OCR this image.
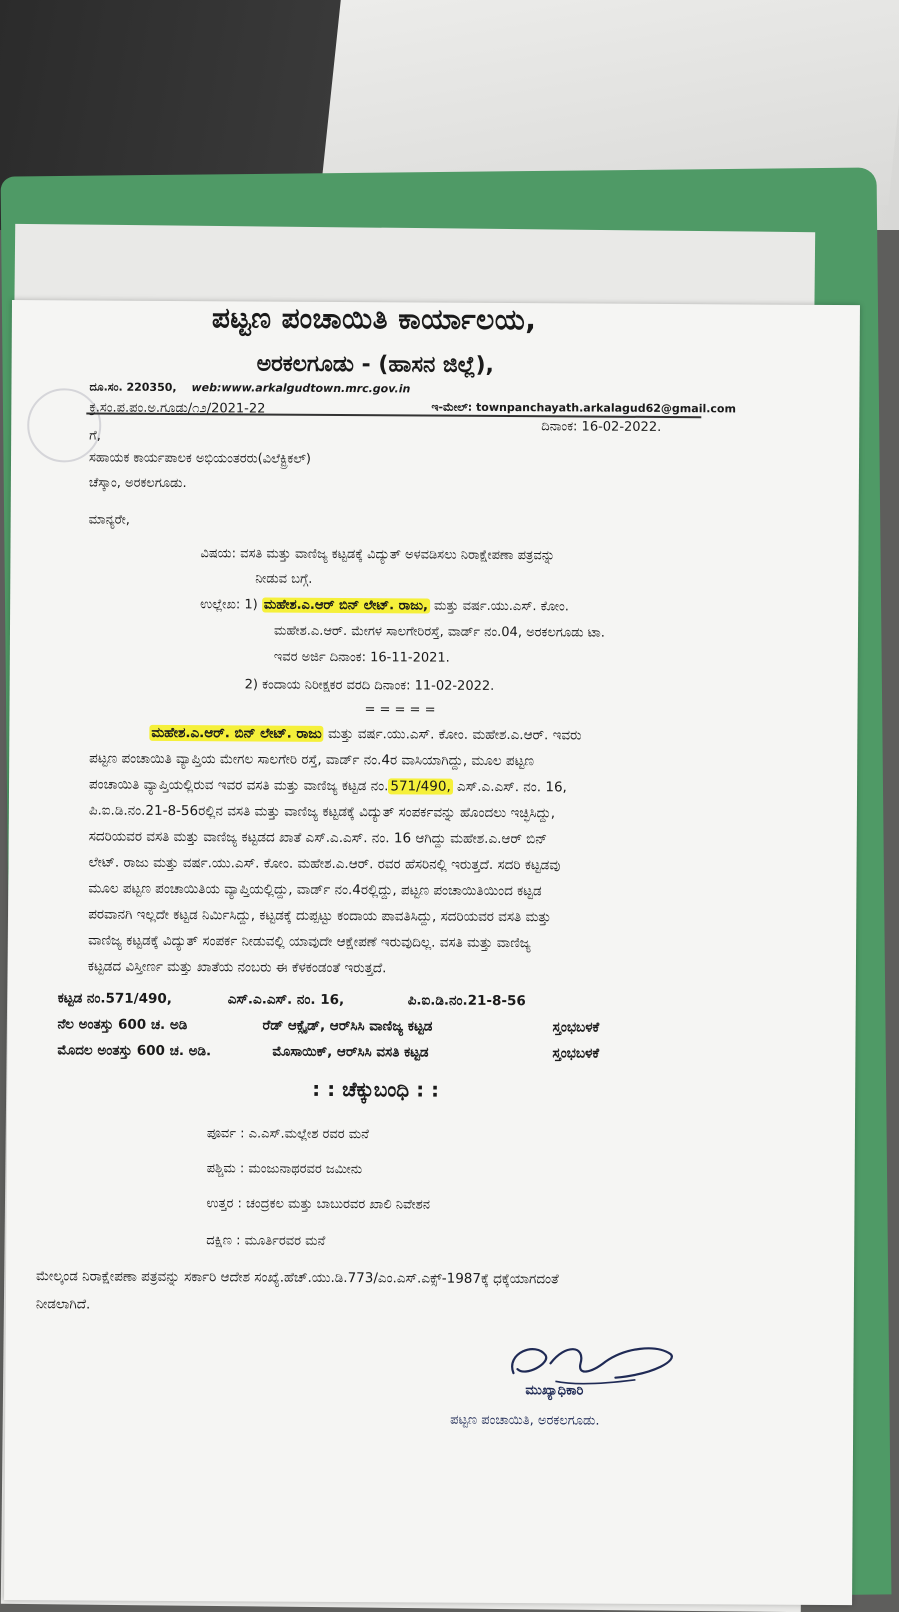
ಪಟ್ಟಣ ಪಂಚಾಯಿತಿ ಕಾರ್ಯಾಲಯ,
ಅರಕಲಗೂಡು - (ಹಾಸನ ಜಿಲ್ಲೆ),
ದೂ.ಸಂ. 220350, web:www.arkalgudtown.mrc.gov.in
ಇ-ಮೇಲ್: townpanchayath.arkalagud62@gmail.com
ಕ್ರ.ಸಂ.ಪ.ಪಂ.ಅ.ಗೂಡು/೧೨/2021-22
ದಿನಾಂಕ: 16-02-2022.
ಗೆ,
ಸಹಾಯಕ ಕಾರ್ಯಪಾಲಕ ಅಭಿಯಂತರರು(ವಿಲೆಕ್ಟ್ರಿಕಲ್)
ಚೆಸ್ಕಾಂ, ಅರಕಲಗೂಡು.
ಮಾನ್ಯರೇ,
ವಿಷಯ: ವಸತಿ ಮತ್ತು ವಾಣಿಜ್ಯ ಕಟ್ಟಡಕ್ಕೆ ವಿದ್ಯುತ್ ಅಳವಡಿಸಲು ನಿರಾಕ್ಷೇಪಣಾ ಪತ್ರವನ್ನು
ನೀಡುವ ಬಗ್ಗೆ.
ಉಲ್ಲೇಖ: 1) ಮಹೇಶ.ಎ.ಆರ್ ಬಿನ್ ಲೇಟ್. ರಾಜು, ಮತ್ತು ವರ್ಷ.ಯು.ಎಸ್. ಕೋಂ.
ಮಹೇಶ.ಎ.ಆರ್. ಮೇಗಳ ಸಾಲಗೇರಿರಸ್ತೆ, ವಾರ್ಡ್ ನಂ.04, ಅರಕಲಗೂಡು ಟಾ.
ಇವರ ಅರ್ಜಿ ದಿನಾಂಕ: 16-11-2021.
2) ಕಂದಾಯ ನಿರೀಕ್ಷಕರ ವರದಿ ದಿನಾಂಕ: 11-02-2022.
= = = = =
ಮಹೇಶ.ಎ.ಆರ್. ಬಿನ್ ಲೇಟ್. ರಾಜು ಮತ್ತು ವರ್ಷ.ಯು.ಎಸ್. ಕೋಂ. ಮಹೇಶ.ಎ.ಆರ್. ಇವರು
ಪಟ್ಟಣ ಪಂಚಾಯಿತಿ ವ್ಯಾಪ್ತಿಯ ಮೇಗಲ ಸಾಲಗೇರಿ ರಸ್ತೆ, ವಾರ್ಡ್ ನಂ.4ರ ವಾಸಿಯಾಗಿದ್ದು, ಮೂಲ ಪಟ್ಟಣ
ಪಂಚಾಯಿತಿ ವ್ಯಾಪ್ತಿಯಲ್ಲಿರುವ ಇವರ ವಸತಿ ಮತ್ತು ವಾಣಿಜ್ಯ ಕಟ್ಟಡ ನಂ. 571/490, ಎಸ್.ಎ.ಎಸ್. ನಂ. 16,
ಪಿ.ಐ.ಡಿ.ನಂ.21-8-56ರಲ್ಲಿನ ವಸತಿ ಮತ್ತು ವಾಣಿಜ್ಯ ಕಟ್ಟಡಕ್ಕೆ ವಿದ್ಯುತ್ ಸಂಪರ್ಕವನ್ನು ಹೊಂದಲು ಇಚ್ಛಿಸಿದ್ದು,
ಸದರಿಯವರ ವಸತಿ ಮತ್ತು ವಾಣಿಜ್ಯ ಕಟ್ಟಡದ ಖಾತೆ ಎಸ್.ಎ.ಎಸ್. ನಂ. 16 ಆಗಿದ್ದು ಮಹೇಶ.ಎ.ಆರ್ ಬಿನ್
ಲೇಟ್. ರಾಜು ಮತ್ತು ವರ್ಷ.ಯು.ಎಸ್. ಕೋಂ. ಮಹೇಶ.ಎ.ಆರ್. ರವರ ಹೆಸರಿನಲ್ಲಿ ಇರುತ್ತದೆ. ಸದರಿ ಕಟ್ಟಡವು
ಮೂಲ ಪಟ್ಟಣ ಪಂಚಾಯಿತಿಯ ವ್ಯಾಪ್ತಿಯಲ್ಲಿದ್ದು, ವಾರ್ಡ್ ನಂ.4ರಲ್ಲಿದ್ದು, ಪಟ್ಟಣ ಪಂಚಾಯಿತಿಯಿಂದ ಕಟ್ಟಡ
ಪರವಾನಗಿ ಇಲ್ಲದೇ ಕಟ್ಟಡ ನಿರ್ಮಿಸಿದ್ದು, ಕಟ್ಟಡಕ್ಕೆ ದುಪ್ಪಟ್ಟು ಕಂದಾಯ ಪಾವತಿಸಿದ್ದು, ಸದರಿಯವರ ವಸತಿ ಮತ್ತು
ವಾಣಿಜ್ಯ ಕಟ್ಟಡಕ್ಕೆ ವಿದ್ಯುತ್ ಸಂಪರ್ಕ ನೀಡುವಲ್ಲಿ ಯಾವುದೇ ಆಕ್ಷೇಪಣೆ ಇರುವುದಿಲ್ಲ. ವಸತಿ ಮತ್ತು ವಾಣಿಜ್ಯ
ಕಟ್ಟಡದ ವಿಸ್ತೀರ್ಣ ಮತ್ತು ಖಾತೆಯ ನಂಬರು ಈ ಕೆಳಕಂಡಂತೆ ಇರುತ್ತದೆ.
ಕಟ್ಟಡ ನಂ.571/490,	ಎಸ್.ಎ.ಎಸ್. ನಂ. 16,	ಪಿ.ಐ.ಡಿ.ನಂ.21-8-56
ನೆಲ ಅಂತಸ್ತು 600 ಚ. ಅಡಿ	ರೆಡ್ ಆಕ್ಸೈಡ್, ಆರ್‌ಸಿಸಿ ವಾಣಿಜ್ಯ ಕಟ್ಟಡ	ಸ್ತಂಭಬಳಕೆ
ಮೊದಲ ಅಂತಸ್ತು 600 ಚ. ಅಡಿ.	ಮೊಸಾಯಿಕ್, ಆರ್‌ಸಿಸಿ ವಸತಿ ಕಟ್ಟಡ	ಸ್ತಂಭಬಳಕೆ
: : ಚೆಕ್ಕುಬಂಧಿ : :
ಪೂರ್ವ : ಎ.ಎಸ್.ಮಲ್ಲೇಶ ರವರ ಮನೆ
ಪಶ್ಚಿಮ : ಮಂಜುನಾಥರವರ ಜಮೀನು
ಉತ್ತರ : ಚಂದ್ರಕಲ ಮತ್ತು ಬಾಬುರವರ ಖಾಲಿ ನಿವೇಶನ
ದಕ್ಷಿಣ : ಮೂರ್ತಿರವರ ಮನೆ
ಮೇಲ್ಕಂಡ ನಿರಾಕ್ಷೇಪಣಾ ಪತ್ರವನ್ನು ಸರ್ಕಾರಿ ಆದೇಶ ಸಂಖ್ಯೆ.ಹೆಚ್.ಯು.ಡಿ.773/ಎಂ.ಎಸ್.ಎಕ್ಸ್-1987ಕ್ಕೆ ಧಕ್ಕೆಯಾಗದಂತೆ
ನೀಡಲಾಗಿದೆ.
ಮುಖ್ಯಾಧಿಕಾರಿ
ಪಟ್ಟಣ ಪಂಚಾಯಿತಿ, ಅರಕಲಗೂಡು.
